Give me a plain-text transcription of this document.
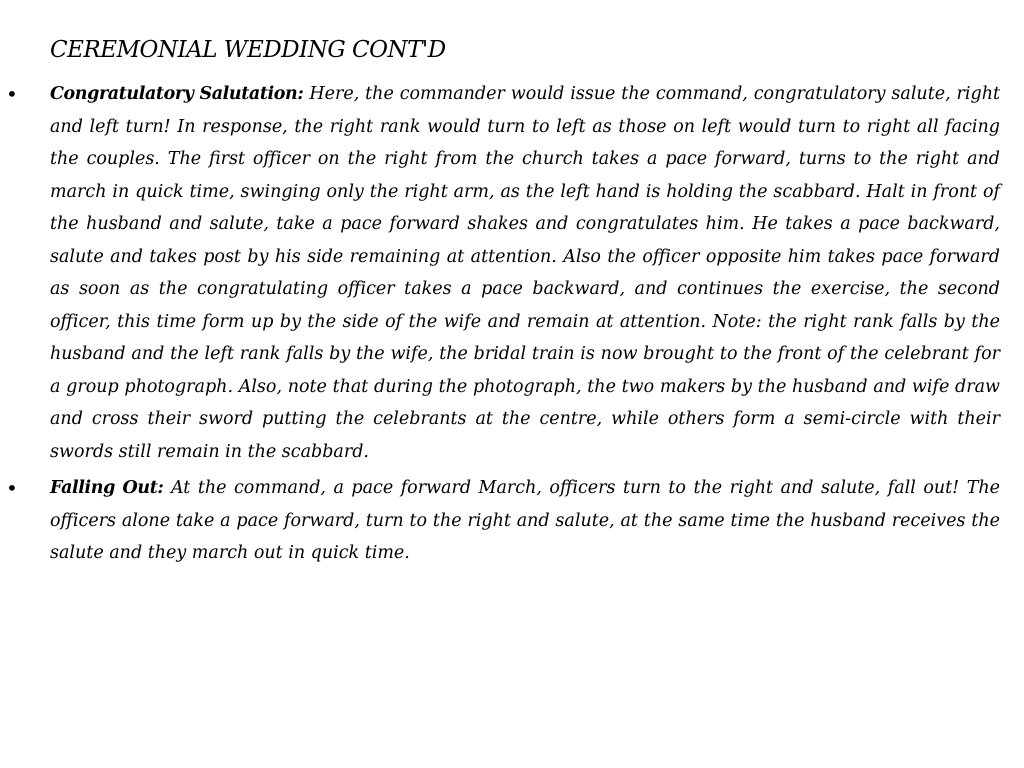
CEREMONIAL WEDDING CONT'D
• Congratulatory Salutation: Here, the commander would issue the command, congratulatory salute, right and left turn! In response, the right rank would turn to left as those on left would turn to right all facing the couples. The first officer on the right from the church takes a pace forward, turns to the right and march in quick time, swinging only the right arm, as the left hand is holding the scabbard. Halt in front of the husband and salute, take a pace forward shakes and congratulates him. He takes a pace backward, salute and takes post by his side remaining at attention. Also the officer opposite him takes pace forward as soon as the congratulating officer takes a pace backward, and continues the exercise, the second officer, this time form up by the side of the wife and remain at attention. Note: the right rank falls by the husband and the left rank falls by the wife, the bridal train is now brought to the front of the celebrant for a group photograph. Also, note that during the photograph, the two makers by the husband and wife draw and cross their sword putting the celebrants at the centre, while others form a semi-circle with their swords still remain in the scabbard.
• Falling Out: At the command, a pace forward March, officers turn to the right and salute, fall out! The officers alone take a pace forward, turn to the right and salute, at the same time the husband receives the salute and they march out in quick time.
